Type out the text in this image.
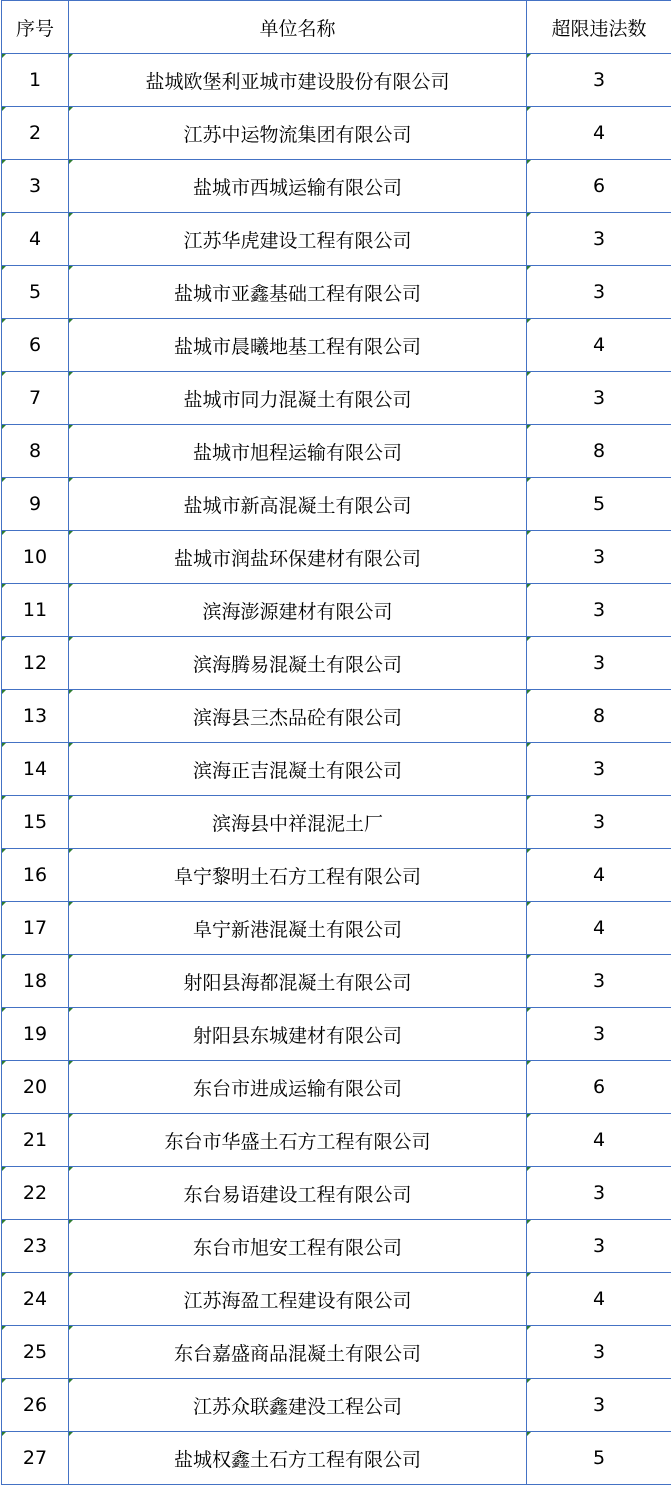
序号	单位名称	超限违法数

1	盐城欧堡利亚城市建设股份有限公司	3

2	江苏中运物流集团有限公司	4

3	盐城市西城运输有限公司	6

4	江苏华虎建设工程有限公司	3

5	盐城市亚鑫基础工程有限公司	3

6	盐城市晨曦地基工程有限公司	4

7	盐城市同力混凝土有限公司	3

8	盐城市旭程运输有限公司	8

9	盐城市新高混凝土有限公司	5

10	盐城市润盐环保建材有限公司	3

11	滨海澎源建材有限公司	3

12	滨海腾易混凝土有限公司	3

13	滨海县三杰品砼有限公司	8

14	滨海正吉混凝土有限公司	3

15	滨海县中祥混泥土厂	3

16	阜宁黎明土石方工程有限公司	4

17	阜宁新港混凝土有限公司	4

18	射阳县海都混凝土有限公司	3

19	射阳县东城建材有限公司	3

20	东台市进成运输有限公司	6

21	东台市华盛土石方工程有限公司	4

22	东台易语建设工程有限公司	3

23	东台市旭安工程有限公司	3

24	江苏海盈工程建设有限公司	4

25	东台嘉盛商品混凝土有限公司	3

26	江苏众联鑫建没工程公司	3

27	盐城权鑫土石方工程有限公司	5
